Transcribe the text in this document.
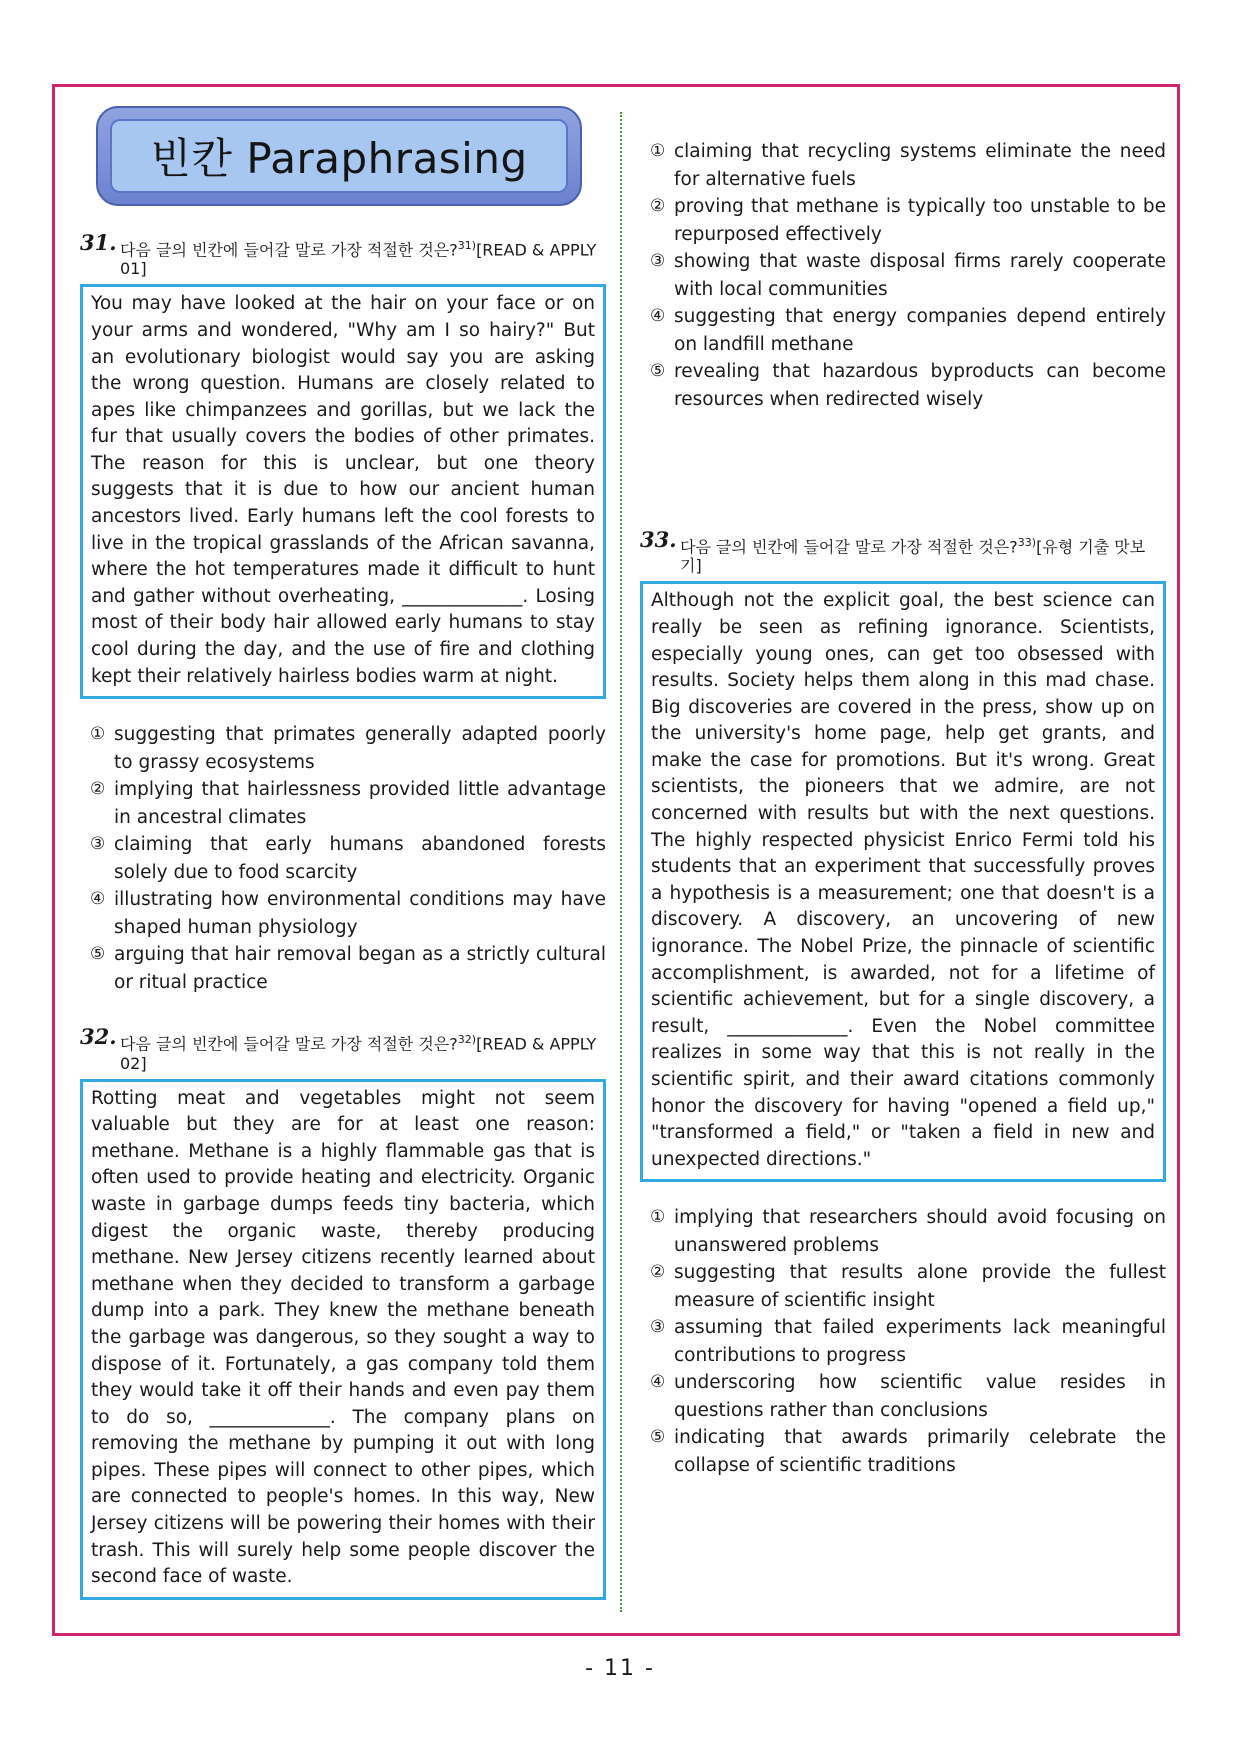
빈칸 Paraphrasing
31. 다음 글의 빈칸에 들어갈 말로 가장 적절한 것은?$^{31)}$[READ & APPLY 01]
You may have looked at the hair on your face or on your arms and wondered, "Why am I so hairy?" But an evolutionary biologist would say you are asking the wrong question. Humans are closely related to apes like chimpanzees and gorillas, but we lack the fur that usually covers the bodies of other primates. The reason for this is unclear, but one theory suggests that it is due to how our ancient human ancestors lived. Early humans left the cool forests to live in the tropical grasslands of the African savanna, where the hot temperatures made it difficult to hunt and gather without overheating, _____________. Losing most of their body hair allowed early humans to stay cool during the day, and the use of fire and clothing kept their relatively hairless bodies warm at night.
① suggesting that primates generally adapted poorly to grassy ecosystems
② implying that hairlessness provided little advantage in ancestral climates
③ claiming that early humans abandoned forests solely due to food scarcity
④ illustrating how environmental conditions may have shaped human physiology
⑤ arguing that hair removal began as a strictly cultural or ritual practice
32. 다음 글의 빈칸에 들어갈 말로 가장 적절한 것은?$^{32)}$[READ & APPLY 02]
Rotting meat and vegetables might not seem valuable but they are for at least one reason: methane. Methane is a highly flammable gas that is often used to provide heating and electricity. Organic waste in garbage dumps feeds tiny bacteria, which digest the organic waste, thereby producing methane. New Jersey citizens recently learned about methane when they decided to transform a garbage dump into a park. They knew the methane beneath the garbage was dangerous, so they sought a way to dispose of it. Fortunately, a gas company told them they would take it off their hands and even pay them to do so, _____________. The company plans on removing the methane by pumping it out with long pipes. These pipes will connect to other pipes, which are connected to people's homes. In this way, New Jersey citizens will be powering their homes with their trash. This will surely help some people discover the second face of waste.
① claiming that recycling systems eliminate the need for alternative fuels
② proving that methane is typically too unstable to be repurposed effectively
③ showing that waste disposal firms rarely cooperate with local communities
④ suggesting that energy companies depend entirely on landfill methane
⑤ revealing that hazardous byproducts can become resources when redirected wisely
33. 다음 글의 빈칸에 들어갈 말로 가장 적절한 것은?$^{33)}$[유형 기출 맛보기]
Although not the explicit goal, the best science can really be seen as refining ignorance. Scientists, especially young ones, can get too obsessed with results. Society helps them along in this mad chase. Big discoveries are covered in the press, show up on the university's home page, help get grants, and make the case for promotions. But it's wrong. Great scientists, the pioneers that we admire, are not concerned with results but with the next questions. The highly respected physicist Enrico Fermi told his students that an experiment that successfully proves a hypothesis is a measurement; one that doesn't is a discovery. A discovery, an uncovering of new ignorance. The Nobel Prize, the pinnacle of scientific accomplishment, is awarded, not for a lifetime of scientific achievement, but for a single discovery, a result, _____________. Even the Nobel committee realizes in some way that this is not really in the scientific spirit, and their award citations commonly honor the discovery for having "opened a field up," "transformed a field," or "taken a field in new and unexpected directions."
① implying that researchers should avoid focusing on unanswered problems
② suggesting that results alone provide the fullest measure of scientific insight
③ assuming that failed experiments lack meaningful contributions to progress
④ underscoring how scientific value resides in questions rather than conclusions
⑤ indicating that awards primarily celebrate the collapse of scientific traditions
- 11 -
